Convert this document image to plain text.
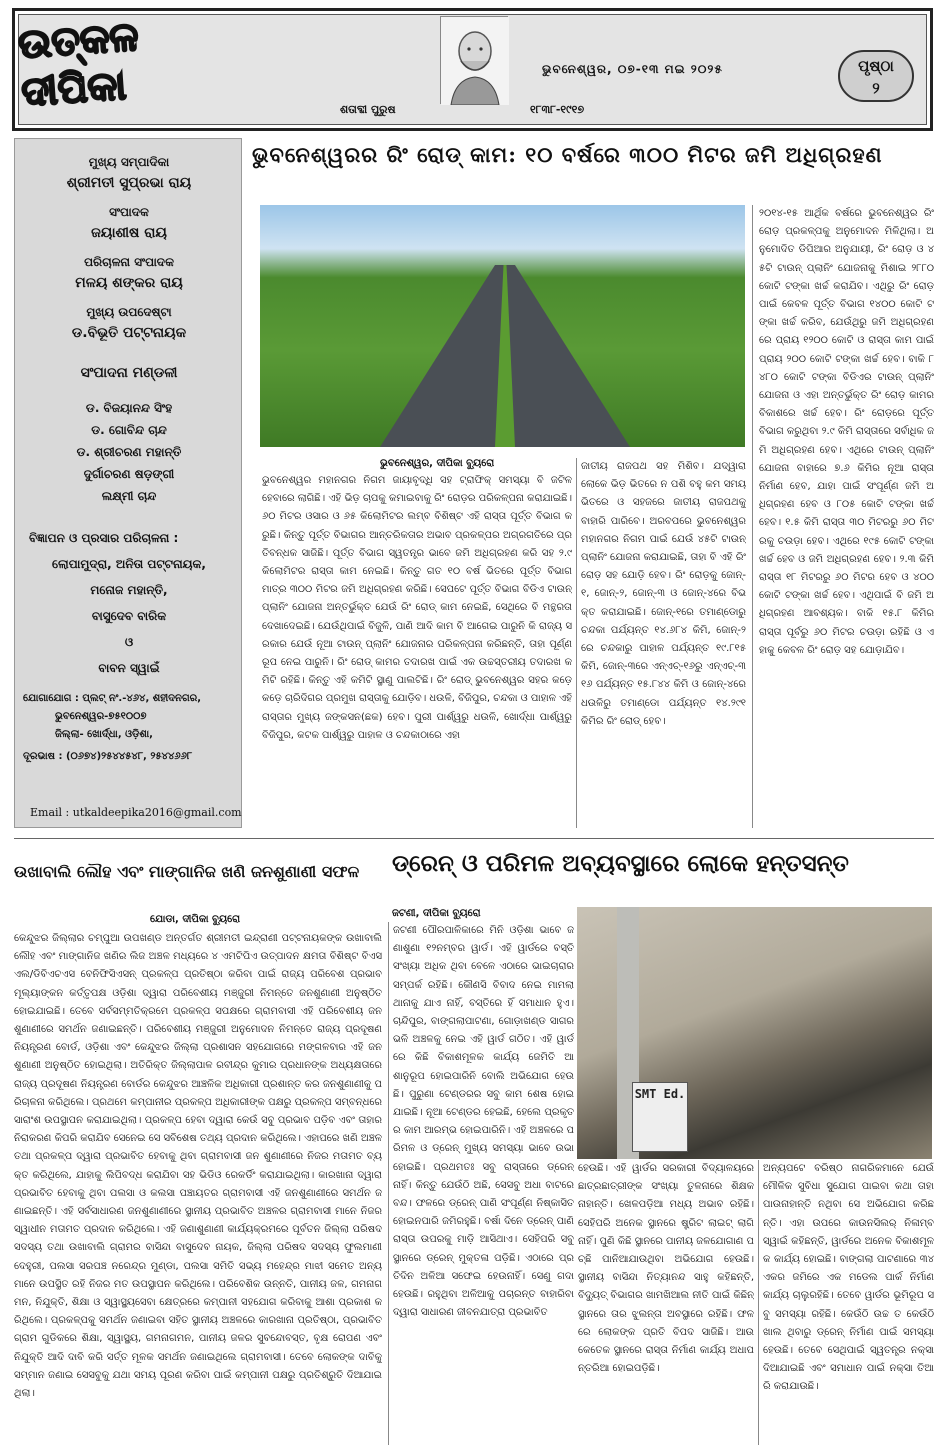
ଉତ୍କଳ ଦୀପିକା	ଶତାବ୍ଦୀ ପୁରୁଷ	୧୮୩୮-୧୯୧୭
ଭୁବନେଶ୍ୱର, ୦୭-୧୩ ମଇ ୨୦୨୫	ପୃଷ୍ଠା
୨
ମୁଖ୍ୟ ସମ୍ପାଦିକା
ଶ୍ରୀମତୀ ସୁପ୍ରଭା ରାୟ
ସଂପାଦକ
ଜୟାଶୀଷ ରାୟ
ପରିଚାଳନା ସଂପାଦକ
ମଳୟ ଶଙ୍କର ରାୟ
ମୁଖ୍ୟ ଉପଦେଷ୍ଟା
ଡ.ବିଭୂତି ପଟ୍ଟନାୟକ
ସଂପାଦନା ମଣ୍ଡଳୀ
ଡ. ବିଜୟାନନ୍ଦ ସିଂହ
ଡ. ଗୋବିନ୍ଦ ଚାନ୍ଦ
ଡ. ଶ୍ରୀଚରଣ ମହାନ୍ତି
ଦୁର୍ଗାଚରଣ ଷଡ଼ଙ୍ଗୀ
ଲକ୍ଷ୍ମୀ ଚାନ୍ଦ
ବିଜ୍ଞାପନ ଓ ପ୍ରସାର ପରିଚାଳନା :
ଲୋପାମୁଦ୍ରା, ଅନିତା ପଟ୍ଟନାୟକ,
ମନୋଜ ମହାନ୍ତି,
ବାସୁଦେବ ବାରିକ
ଓ
ବାବନ ସ୍ୱାଇଁ
ଯୋଗାଯୋଗ : ପ୍ଲଟ୍ ନଂ.-୪୬୪, ଶହୀଦନଗର,
ଭୁବନେଶ୍ୱର-୭୫୧୦୦୭
ଜିଲ୍ଲା- ଖୋର୍ଦ୍ଧା, ଓଡ଼ିଶା,
ଦୂରଭାଷ : (୦୬୭୪)୨୫୪୪୫୪୮, ୨୫୪୪୬୬୮
Email : utkaldeepika2016@gmail.com
ଭୁବନେଶ୍ୱରର ରିଂ ରୋଡ୍ କାମ: ୧୦ ବର୍ଷରେ ୩୦୦ ମିଟର ଜମି ଅଧିଗ୍ରହଣ
ଭୁବନେଶ୍ୱର, ଦୀପିକା ବ୍ୟୁରୋ
ଭୁବନେଶ୍ୱର ମହାନଗର ନିଗମ ଜାୟାବୃଦ୍ଧି ସହ ଟ୍ରାଫିକ୍ ସମସ୍ୟା ବି ଜଟିଳ ହେବାରେ ଲାଗିଛି। ଏହି ଭିଡ଼ ଚାପକୁ କମାଇବାକୁ ରିଂ ରୋଡ଼ର ପରିକଳ୍ପନା କରାଯାଇଛି। ୬୦ ମିଟର ଓସାର ଓ ୬୫ କିଲୋମିଟର ଲମ୍ବ ବିଶିଷ୍ଟ ଏହି ରାସ୍ତା ପୂର୍ତ୍ତ ବିଭାଗ କରୁଛି। କିନ୍ତୁ ପୂର୍ତ୍ତ ବିଭାଗର ଆନ୍ତରିକତାର ଅଭାବ ପ୍ରକଳ୍ପର ଅଗ୍ରଗତିରେ ପ୍ରତିବନ୍ଧକ ସାଜିଛି। ପୂର୍ତ୍ତ ବିଭାଗ ସ୍ୱତନ୍ତ୍ର ଭାବେ ଜମି ଅଧିଗ୍ରହଣ କରି ସହ ୨.୯ କିଲୋମିଟର ରାସ୍ତା କାମ ନେଇଛି। କିନ୍ତୁ ଗତ ୧୦ ବର୍ଷ ଭିତରେ ପୂର୍ତ୍ତ ବିଭାଗ ମାତ୍ର ୩୦୦ ମିଟର ଜମି ଅଧିଗ୍ରହଣ କରିଛି। ସେପଟେ ପୂର୍ତ୍ତ ବିଭାଗ ବିଡିଏ ଟାଉନ୍ ପ୍ଲାନିଂ ଯୋଜନା ଅନ୍ତର୍ଭୁକ୍ତ ଯେଉଁ ରିଂ ରୋଡ୍ କାମ ନେଇଛି, ସେଥିରେ ବି ମନ୍ଥରତା ଦେଖାଦେଇଛି। ଯେଉଁଥିପାଇଁ ବିଜୁଳି, ପାଣି ଆଦି କାମ ବି ଆଗେଇ ପାରୁନି କି ରାଜ୍ୟ ସରକାର ଯେଉଁ ନୂଆ ଟାଉନ୍ ପ୍ଲାନିଂ ଯୋଜନାର ପରିକଳ୍ପନା କରିଛନ୍ତି, ତାହା ପୂର୍ଣ୍ଣରୂପ ନେଇ ପାରୁନି। ରିଂ ରୋଡ୍ କାମର ତଦାରଖ ପାଇଁ ଏକ ଉଚ୍ଚସ୍ତରୀୟ ତଦାରଖ କମିଟି ରହିଛି। କିନ୍ତୁ ଏହି କମିଟି ସ୍ଥାଣୁ ପାଲଟିଛି। ରିଂ ରୋଡ୍ ଭୁବନେଶ୍ୱର ସହର କଡ଼େ କଡ଼େ ଚାରିଦିଗର ପ୍ରମୁଖ ରାସ୍ତାକୁ ଯୋଡ଼ିବ। ଧଉଳି, ବିଜିପୁର, ଚନ୍ଦକା ଓ ପାହାଳ ଏହି ରାସ୍ତାର ମୁଖ୍ୟ ଜଙ୍କସନ(ଛକ) ହେବ। ପୁରୀ ପାର୍ଶ୍ୱରୁ ଧଉଳି, ଖୋର୍ଦ୍ଧା ପାର୍ଶ୍ୱରୁ ବିଜିପୁର, କଟକ ପାର୍ଶ୍ୱରୁ ପାହାଳ ଓ ଚନ୍ଦକାଠାରେ ଏହା
ଜାତୀୟ ରାଜପଥ ସହ ମିଶିବ। ଯଦ୍ୱାରା ଲୋକେ ଭିଡ଼ ଭିତରେ ନ ପଶି ବହୁ କମ ସମୟ ଭିତରେ ଓ ସହଜରେ ଜାତୀୟ ରାଜପଥକୁ ବାହାରି ପାରିବେ। ଅରବପରେ ଭୁବନେଶ୍ୱର ମହାନଗର ନିଗମ ପାଇଁ ଯେଉଁ ୪୫ଟି ଟାଉନ୍ ପ୍ଲାନିଂ ଯୋଜନା କରାଯାଇଛି, ତାହା ବି ଏହି ରିଂ ରୋଡ଼ ସହ ଯୋଡ଼ି ହେବ। ରିଂ ରୋଡ଼କୁ ଜୋନ୍-୧, ଜୋନ୍-୨, ଜୋନ୍-୩ ଓ ଜୋନ୍-୪ରେ ବିଭକ୍ତ କରାଯାଇଛି। ଜୋନ୍-୧ରେ ତମାଣ୍ଡୋରୁ ଚନ୍ଦକା ପର୍ଯ୍ୟନ୍ତ ୧୪.୬୮୪ କିମି, ଜୋନ୍-୨ରେ ଚନ୍ଦକାରୁ ପାହାଳ ପର୍ଯ୍ୟନ୍ତ ୧୯.୮୧୫ କିମି, ଜୋନ୍-୩ରେ ଏନ୍ଏଚ୍-୧୬ରୁ ଏନ୍ଏଚ୍-୩୧୬ ପର୍ଯ୍ୟନ୍ତ ୧୫.୮୪୪ କିମି ଓ ଜୋନ୍-୪ରେ ଧଉଳିରୁ ତମାଣ୍ଡୋ ପର୍ଯ୍ୟନ୍ତ ୧୪.୨୯୧ କିମିର ରିଂ ରୋଡ୍ ହେବ।
୨୦୧୪-୧୫ ଆର୍ଥିକ ବର୍ଷରେ ଭୁବନେଶ୍ୱର ରିଂ ରୋଡ଼ ପ୍ରକଳ୍ପକୁ ଅନୁମୋଦନ ମିଳିଥିଲା। ଅନୁମୋଦିତ ଡିପିଆର ଅନୁଯାୟୀ, ରିଂ ରୋଡ଼ ଓ ୪୫ଟି ଟାଉନ୍ ପ୍ଲାନିଂ ଯୋଜନାକୁ ମିଶାଇ ୨୮୮୦ କୋଟି ଟଙ୍କା ଖର୍ଚ୍ଚ କରାଯିବ। ଏଥିରୁ ରିଂ ରୋଡ଼ ପାଇଁ କେବଳ ପୂର୍ତ୍ତ ବିଭାଗ ୧୪୦୦ କୋଟି ଟଙ୍କା ଖର୍ଚ୍ଚ କରିବ, ଯେଉଁଥିରୁ ଜମି ଅଧିଗ୍ରହଣରେ ପ୍ରାୟ ୧୨୦୦ କୋଟି ଓ ରାସ୍ତା କାମ ପାଇଁ ପ୍ରାୟ ୨୦୦ କୋଟି ଟଙ୍କା ଖର୍ଚ୍ଚ ହେବ। ବାକି ୮୪୮୦ କୋଟି ଟଙ୍କା ବିଡିଏର ଟାଉନ୍ ପ୍ଲାନିଂ ଯୋଜନା ଓ ଏହା ଅନ୍ତର୍ଭୁକ୍ତ ରିଂ ରୋଡ଼ କାମର ବିକାଶରେ ଖର୍ଚ୍ଚ ହେବ। ରିଂ ରୋଡ଼ରେ ପୂର୍ତ୍ତ ବିଭାଗ କରୁଥିବା ୨.୯ କିମି ରାସ୍ତାରେ ସର୍ବାଧିକ ଜମି ଅଧିଗ୍ରହଣ ହେବ। ଏଥିରେ ଟାଉନ୍ ପ୍ଲାନିଂ ଯୋଜନା ବାହାରେ ୭.୬ କିମିର ନୂଆ ରାସ୍ତା ନିର୍ମାଣ ହେବ, ଯାହା ପାଇଁ ସଂପୂର୍ଣ୍ଣ ଜମି ଅଧିଗ୍ରହଣ ହେବ ଓ ୮୦୫ କୋଟି ଟଙ୍କା ଖର୍ଚ୍ଚ ହେବ। ୧.୫ କିମି ରାସ୍ତା ୩୦ ମିଟରରୁ ୬୦ ମିଟରକୁ ଚଉଡ଼ା ହେବ। ଏଥିରେ ୧୯୫ କୋଟି ଟଙ୍କା ଖର୍ଚ୍ଚ ହେବ ଓ ଜମି ଅଧିଗ୍ରହଣ ହେବ। ୨.୩ କିମି ରାସ୍ତା ୧୮ ମିଟରରୁ ୬୦ ମିଟର ହେବ ଓ ୪୦୦ କୋଟି ଟଙ୍କା ଖର୍ଚ୍ଚ ହେବ। ଏଥିପାଇଁ ବି ଜମି ଅଧିଗ୍ରହଣ ଆବଶ୍ୟକ। ବାକି ୧୫.୮ କିମିର ରାସ୍ତା ପୂର୍ବରୁ ୬୦ ମିଟର ଚଉଡ଼ା ରହିଛି ଓ ଏହାକୁ କେବଳ ରିଂ ରୋଡ଼ ସହ ଯୋଡ଼ାଯିବ।
ଉଖାବାଲି ଲୌହ ଏବଂ ମାଙ୍ଗାନିଜ ଖଣି ଜନଶୁଣାଣୀ ସଫଳ
ଯୋଡା, ଦୀପିକା ବ୍ୟୁରୋ
କେନ୍ଦୁଝର ଜିଲ୍ଲାର ଚମ୍ପୁଆ ଉପଖଣ୍ଡ ଅନ୍ତର୍ଗତ ଶ୍ରୀମତୀ ଇନ୍ଦ୍ରାଣୀ ପଟ୍ଟନାୟକଙ୍କ ଉଖାବାଲି ଲୌହ ଏବଂ ମାଙ୍ଗାନିଜ ଖଣିର ଲିଜ ଅଞ୍ଚଳ ମଧ୍ୟରେ ୪ ଏମଟିପିଏ ଉତ୍ପାଦନ କ୍ଷମତା ବିଶିଷ୍ଟ ବିଏସଏଲ/ଡିବିଏଚଏସ ବେନିଫିସିଏସନ୍ ପ୍ରକଳ୍ପ ପ୍ରତିଷ୍ଠା କରିବା ପାଇଁ ରାଜ୍ୟ ପରିବେଶ ପ୍ରଭାବ ମୂଲ୍ୟାଙ୍କନ କର୍ତ୍ତୃପକ୍ଷ ଓଡ଼ିଶା ଦ୍ୱାରା ପରିବେଶୀୟ ମଞ୍ଜୁରୀ ନିମନ୍ତେ ଜନଶୁଣାଣୀ ଅନୁଷ୍ଠିତ ହୋଇଯାଇଛି। ତେବେ ସର୍ବସମ୍ମତିକ୍ରମେ ପ୍ରକଳ୍ପ ସପକ୍ଷରେ ଗ୍ରାମବାସୀ ଏହି ପରିବେଶୀୟ ଜନଶୁଣାଣୀରେ ସମର୍ଥନ ଜଣାଇଛନ୍ତି। ପରିବେଶୀୟ ମଞ୍ଜୁରୀ ଅନୁମୋଦନ ନିମନ୍ତେ ରାଜ୍ୟ ପ୍ରଦୂଷଣ ନିୟନ୍ତ୍ରଣ ବୋର୍ଡ, ଓଡ଼ିଶା ଏବଂ କେନ୍ଦୁଝର ଜିଲ୍ଲା ପ୍ରଶାସନ ସହଯୋଗରେ ମଙ୍ଗଳବାର ଏହି ଜନଶୁଣାଣୀ ଅନୁଷ୍ଠିତ ହୋଇଥିଲା। ଅତିରିକ୍ତ ଜିଲ୍ଲାପାଳ ରବୀନ୍ଦ୍ର କୁମାର ପ୍ରଧାନଙ୍କ ଅଧ୍ୟକ୍ଷତାରେ ରାଜ୍ୟ ପ୍ରଦୂଷଣ ନିୟନ୍ତ୍ରଣ ବୋର୍ଡର କେନ୍ଦୁଝର ଆଞ୍ଚଳିକ ଅଧିକାରୀ ପ୍ରଶାନ୍ତ କର ଜନଶୁଣାଣୀକୁ ପରିଚାଳନା କରିଥିଲେ। ପ୍ରଥମେ କମ୍ପାନୀର ପ୍ରକଳ୍ପ ଅଧିକାରୀଙ୍କ ପକ୍ଷରୁ ପ୍ରକଳ୍ପ ସମ୍ବନ୍ଧରେ ସାରାଂଶ ଉପସ୍ଥାପନ କରାଯାଇଥିଲା। ପ୍ରକଳ୍ପ ହେବା ଦ୍ୱାରା କେଉଁ ସବୁ ପ୍ରଭାବ ପଡ଼ିବ ଏବଂ ତାହାର ନିରାକରଣ କିପରି କରାଯିବ ସେନେଇ ସେ ସବିଶେଷ ତଥ୍ୟ ପ୍ରଦାନ କରିଥିଲେ। ଏହାପରେ ଖଣି ଅଞ୍ଚଳ ତଥା ପ୍ରକଳ୍ପ ଦ୍ୱାରା ପ୍ରଭାବିତ ହେବାକୁ ଥିବା ଗ୍ରାମବାସୀ ଜନ ଶୁଣାଣୀରେ ନିଜର ମତାମତ ବ୍ୟକ୍ତ କରିଥିଲେ, ଯାହାକୁ ଲିପିବଦ୍ଧ କରାଯିବା ସହ ଭିଡିଓ ରେକର୍ଡିଂ କରାଯାଇଥିଲା। କାରଖାନା ଦ୍ୱାରା ପ୍ରଭାବିତ ହେବାକୁ ଥିବା ପଲସା ଓ କଲସା ପଞ୍ଚାୟତର ଗ୍ରାମବାସୀ ଏହି ଜନଶୁଣାଣୀରେ ସମର୍ଥନ ଜଣାଇଛନ୍ତି। ଏହି ସର୍ବସାଧାରଣ ଜନଶୁଣାଣୀରେ ସ୍ଥାନୀୟ ପ୍ରଭାବିତ ଅଞ୍ଚଳର ଗ୍ରାମବାସୀ ମାନେ ନିଜର ସ୍ୱାଧୀନ ମତାମତ ପ୍ରଦାନ କରିଥିଲେ। ଏହି ଜଣାଶୁଣାଣୀ କାର୍ଯ୍ୟକ୍ରମରେ ପୂର୍ବତନ ଜିଲ୍ଲା ପରିଷଦ ସଦସ୍ୟ ତଥା ଉଖାବାଲି ଗ୍ରାମର ବାସିନ୍ଦା ବାସୁଦେବ ନାୟକ, ଜିଲ୍ଲା ପରିଷଦ ସଦସ୍ୟ ଫୁଲମାଣୀ ଦେହୁରୀ, ପଲସା ସରପଞ୍ଚ ନରେନ୍ଦ୍ର ମୁଣ୍ଡା, ପଲସା ସମିତି ସଭ୍ୟ ମହେନ୍ଦ୍ର ମାଝୀ ସମେତ ଅନ୍ୟ ମାନେ ଉପସ୍ଥିତ ରହି ନିଜର ମତ ଉପସ୍ଥାପନ କରିଥିଲେ। ପରିବେଶିକ ଉନ୍ନତି, ପାନୀୟ ଜଳ, ଗମନାଗମନ, ନିଯୁକ୍ତି, ଶିକ୍ଷା ଓ ସ୍ୱାସ୍ଥ୍ୟସେବା କ୍ଷେତ୍ରରେ କମ୍ପାନୀ ସହଯୋଗ କରିବାକୁ ଆଶା ପ୍ରକାଶ କରିଥିଲେ। ପ୍ରକଳ୍ପକୁ ସମର୍ଥନ ଜଣାଇବା ସହିତ ସ୍ଥାନୀୟ ଅଞ୍ଚଳରେ କାରଖାନା ପ୍ରତିଷ୍ଠା, ପ୍ରଭାବିତ ଗ୍ରାମ ଗୁଡିକରେ ଶିକ୍ଷା, ସ୍ୱାସ୍ଥ୍ୟ, ଗମନାଗମନ, ପାନୀୟ ଜଳର ସୁବନ୍ଦୋବସ୍ତ, ବୃକ୍ଷ ରୋପଣ ଏବଂ ନିଯୁକ୍ତି ଆଦି ଦାବି କରି ସର୍ତ୍ତ ମୂଳକ ସମର୍ଥନ ଜଣାଇଥିଲେ ଗ୍ରାମବାସୀ। ତେବେ ଲୋକଙ୍କ ଦାବିକୁ ସମ୍ମାନ ଜଣାଇ ସେସବୁକୁ ଯଥା ସମୟ ପୂରଣ କରିବା ପାଇଁ କମ୍ପାନୀ ପକ୍ଷରୁ ପ୍ରତିଶ୍ରୁତି ଦିଆଯାଇଥିଲା।
ଡ୍ରେନ୍ ଓ ପରିମଳ ଅବ୍ୟବସ୍ଥାରେ ଲୋକେ ହନ୍ତସନ୍ତ
ଜଟଣୀ, ଦୀପିକା ବ୍ୟୁରୋ
ଜଟଣୀ ପୌରପାଳିକାରେ ମିନି ଓଡ଼ିଶା ଭାବେ ଜଣାଶୁଣା ୧୨ନମ୍ବର ୱାର୍ଡ। ଏହି ୱାର୍ଡରେ ବସ୍ତି ସଂଖ୍ୟା ଅଧିକ ଥିବା ବେଳେ ଏଠାରେ ଭାଇଚାରାର ସମ୍ପର୍କ ରହିଛି। କୌଣସି ବିବାଦ ନେଇ ମାମଲା ଥାନାକୁ ଯାଏ ନାହିଁ, ବସ୍ତିରେ ହିଁ ସମାଧାନ ହୁଏ। ଚାନ୍ଦିପୁର, ବାଙ୍ଗଲାପାଟଣା, ଗୋଡ଼ାଖଣ୍ଡ ସାଗର ଭଳି ଅଞ୍ଚଳକୁ ନେଇ ଏହି ୱାର୍ଡ ଗଠିତ। ଏହି ୱାର୍ଡରେ କିଛି ବିକାଶମୂଳକ କାର୍ଯ୍ୟ ଜେମିତି ଆଶାନୁରୂପ ହୋଇପାରିନି ବୋଲି ଅଭିଯୋଗ ହେଉଛି। ପୁରୁଣା ଟେଣ୍ଡରର ସବୁ କାମ ଶେଷ ହୋଇଯାଇଛି। ନୂଆ ଟେଣ୍ଡର ହେଇଛି, ହେଲେ ପ୍ରକୃତର କାମ ଆରମ୍ଭ ହୋଇପାରିନି। ଏହି ଅଞ୍ଚଳରେ ପରିମଳ ଓ ଡ୍ରେନ୍ ମୁଖ୍ୟ ସମସ୍ୟା ଭାବେ ଉଭା ହୋଇଛି। ପ୍ରଥମତଃ ସବୁ ରାସ୍ତାରେ ଡ୍ରେନ୍ ନାହିଁ। କିନ୍ତୁ ଯେଉଁଠି ଅଛି, ସେସବୁ ଅଧା ବାଟରେ ବନ୍ଦ। ଫଳରେ ଡ୍ରେନ୍ ପାଣି ସଂପୂର୍ଣ୍ଣ ନିଷ୍କାସିତ ହୋଇନପାରି ଜମିରହୁଛି। ବର୍ଷା ଦିନେ ଡ୍ରେନ୍ ପାଣି ରାସ୍ତା ଉପରକୁ ମାଡ଼ି ଆସିଥାଏ। ସେହିପରି ସବୁ ସ୍ଥାନରେ ଡ୍ରେନ୍ ମୁକ୍ତଳା ପଡ଼ିଛି। ଏଠାରେ ପ୍ରତିଦିନ ଅଳିଆ ସଫେଇ ହେଉନାହିଁ। ସେଣୁ ଗଦା ହେଉଛି। ରହୁଥିବା ଅଳିଆକୁ ପଚାରନ୍ତ ବାହାରିବା ଦ୍ୱାରା ସାଧାରଣ ଜୀବନଯାତ୍ରା ପ୍ରଭାବିତ
SMT Ed.
ହେଉଛି। ଏହି ୱାର୍ଡର ସରକାରୀ ବିଦ୍ୟାଳୟରେ ଛାତ୍ରଛାତ୍ରୀଙ୍କ ସଂଖ୍ୟା ତୁଳନାରେ ଶିକ୍ଷକ ନାହାନ୍ତି। ଖେଳପଡ଼ିଆ ମଧ୍ୟ ଅଭାବ ରହିଛି। ସେହିପରି ଅନେକ ସ୍ଥାନରେ ଷ୍ଟ୍ରିଟ ଲାଇଟ୍ ଲାଗି ନାହିଁ। ପୁଣି କିଛି ସ୍ଥାନରେ ପାନୀୟ ଜଳଯୋଗାଣ ପଚ୍ଛି ପାନିଆଯାଉଥିବା ଅଭିଯୋଗ ହେଉଛି। ସ୍ଥାନୀୟ ବାସିନ୍ଦା ନିତ୍ୟାନନ୍ଦ ସାହୁ କହିଛନ୍ତି, ବିଦ୍ୟୁତ୍ ବିଭାଗର ଖାମଖିଆଲ ନୀତି ପାଇଁ କିଛିନ୍ ସ୍ଥାନରେ ତାର ଝୁଲନ୍ତା ଅବସ୍ଥାରେ ରହିଛି। ଫଳରେ ଲୋକଙ୍କ ପ୍ରତି ବିପଦ ସାଜିଛି। ଆଉ କେତେକ ସ୍ଥାନରେ ରାସ୍ତା ନିର୍ମାଣ କାର୍ଯ୍ୟ ଅଧାପନ୍ତରିଆ ହୋଇପଡ଼ିଛି।
ଅନ୍ୟପଟେ ବରିଷ୍ଠ ନାଗରିକମାନେ ଯେଉଁ ମୌଳିକ ସୁବିଧା ସୁଯୋଗ ପାଇବା କଥା ତାହା ପାଉନାହାନ୍ତି ନଥିବା ସେ ଅଭିଯୋଗ କରିଛନ୍ତି। ଏହା ଉପରେ କାଉନସିଲର୍ ନିଳାମ୍ବ ସ୍ୱାଇଁ କହିଛନ୍ତି, ୱାର୍ଡରେ ଅନେକ ବିକାଶମୂଳକ କାର୍ଯ୍ୟ ହୋଇଛି। ବାଙ୍ଗଲା ପାଟଣାରେ ୩୪ ଏକର ଜମିରେ ଏକ ମଡେଲ ପାର୍କ ନିର୍ମାଣ କାର୍ଯ୍ୟ ଚାଲୁରହିଛି। ତେବେ ୱାର୍ଡର ଭୂମିରୂପ ସବୁ ସମସ୍ୟା ରହିଛି। କେଉଁଠି ଉଚ୍ଚ ତ କେଉଁଠି ଖାଲ ଥିବାରୁ ଡ୍ରେନ୍ ନିର୍ମାଣ ପାଇଁ ସମସ୍ୟା ହେଉଛି। ତେବେ ସେଥିପାଇଁ ସ୍ୱତନ୍ତ୍ର ନକ୍ସା ଦିଆଯାଇଛି ଏବଂ ସମାଧାନ ପାଇଁ ନକ୍ସା ତିଆରି କରାଯାଉଛି।
